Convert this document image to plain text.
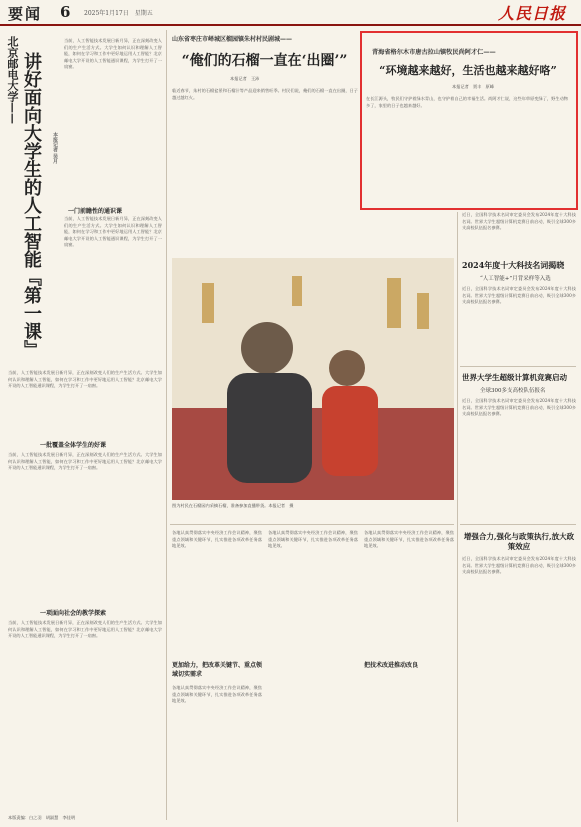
要闻 6 2025年1月17日　星期五	人民日报
北京邮电大学—— 讲好面向大学生的人工智能『第一课』 本报记者 吴月
当前，人工智能技术发展日新月异，正在深刻改变人们的生产生活方式。大学生如何认识和理解人工智能，如何在学习和工作中更好地运用人工智能？北京邮电大学开设的人工智能通识课程，为学生打开了一扇窗。
当前，人工智能技术发展日新月异，正在深刻改变人们的生产生活方式。大学生如何认识和理解人工智能，如何在学习和工作中更好地运用人工智能？北京邮电大学开设的人工智能通识课程，为学生打开了一扇窗。
一门前瞻性的通识课
当前，人工智能技术发展日新月异，正在深刻改变人们的生产生活方式。大学生如何认识和理解人工智能，如何在学习和工作中更好地运用人工智能？北京邮电大学开设的人工智能通识课程，为学生打开了一扇窗。
一批覆盖全体学生的好课
当前，人工智能技术发展日新月异，正在深刻改变人们的生产生活方式。大学生如何认识和理解人工智能，如何在学习和工作中更好地运用人工智能？北京邮电大学开设的人工智能通识课程，为学生打开了一扇窗。
一项面向社会的教学探索
当前，人工智能技术发展日新月异，正在深刻改变人们的生产生活方式。大学生如何认识和理解人工智能，如何在学习和工作中更好地运用人工智能？北京邮电大学开设的人工智能通识课程，为学生打开了一扇窗。
本版责编：白之羽　胡淑慧　李佳明
山东省枣庄市峄城区榴园镇朱村村民剧城——
“俺们的石榴一直在‘出圈’”
本报记者　王沛
临近春节，朱村的石榴盆景和石榴汁等产品迎来销售旺季。村民们说，俺们的石榴一直在出圈，日子越过越红火。
青海省格尔木市唐古拉山镇牧民尚阿才仁——
“环境越来越好，生活也越来越好咯”
本报记者　贾丰　原峰
在长江源头，牧民们守护着绿水青山，也守护着自己的幸福生活。尚阿才仁说，这些年草原变绿了，野生动物多了，家里的日子也越来越好。
图为村民在石榴园内采摘石榴，准备参加直播带货。本报记者　摄
各地认真贯彻落实中央经济工作会议精神，聚焦重点领域和关键环节，扎实推进各项改革任务落地见效。
更加给力，把改革关键节、重点领域切实需求
各地认真贯彻落实中央经济工作会议精神，聚焦重点领域和关键环节，扎实推进各项改革任务落地见效。
各地认真贯彻落实中央经济工作会议精神，聚焦重点领域和关键环节，扎实推进各项改革任务落地见效。
把技术改进推动改良
各地认真贯彻落实中央经济工作会议精神，聚焦重点领域和关键环节，扎实推进各项改革任务落地见效。
2024年度十大科技名词揭晓
“人工智能+”月背采样等入选
近日，全国科学技术名词审定委员会发布2024年度十大科技名词。世界大学生超级计算机竞赛日前启动，吸引全球300多支高校队伍报名参赛。
近日，全国科学技术名词审定委员会发布2024年度十大科技名词。世界大学生超级计算机竞赛日前启动，吸引全球300多支高校队伍报名参赛。
世界大学生超级计算机竞赛启动
全球300多支高校队伍报名
近日，全国科学技术名词审定委员会发布2024年度十大科技名词。世界大学生超级计算机竞赛日前启动，吸引全球300多支高校队伍报名参赛。
增强合力,强化与政策执行,放大政策效应
近日，全国科学技术名词审定委员会发布2024年度十大科技名词。世界大学生超级计算机竞赛日前启动，吸引全球300多支高校队伍报名参赛。
